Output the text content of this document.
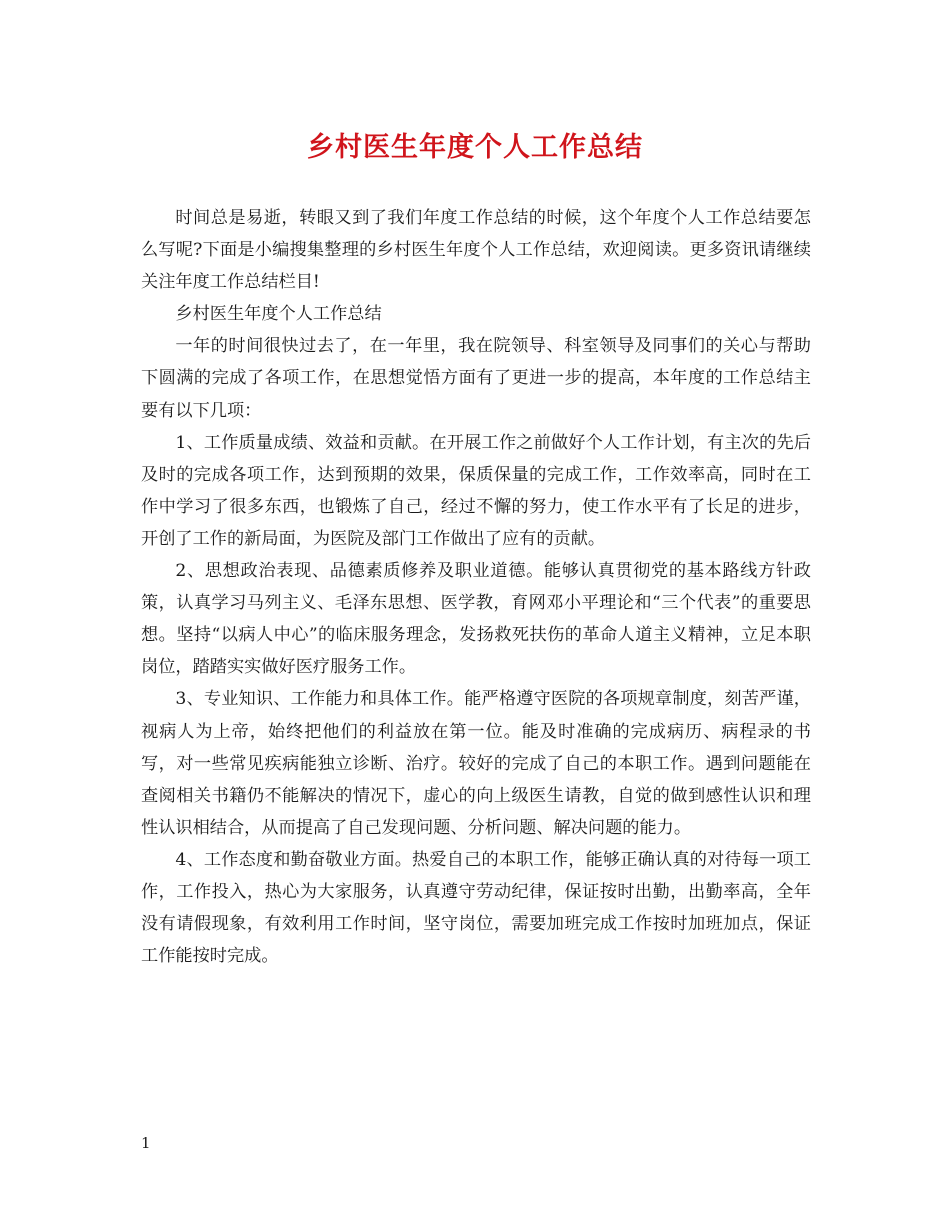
乡村医生年度个人工作总结

时间总是易逝，转眼又到了我们年度工作总结的时候，这个年度个人工作总结要怎么写呢?下面是小编搜集整理的乡村医生年度个人工作总结，欢迎阅读。更多资讯请继续关注年度工作总结栏目!

乡村医生年度个人工作总结

一年的时间很快过去了，在一年里，我在院领导、科室领导及同事们的关心与帮助下圆满的完成了各项工作，在思想觉悟方面有了更进一步的提高，本年度的工作总结主要有以下几项：

1、工作质量成绩、效益和贡献。在开展工作之前做好个人工作计划，有主次的先后及时的完成各项工作，达到预期的效果，保质保量的完成工作，工作效率高，同时在工作中学习了很多东西，也锻炼了自己，经过不懈的努力，使工作水平有了长足的进步，开创了工作的新局面，为医院及部门工作做出了应有的贡献。

2、思想政治表现、品德素质修养及职业道德。能够认真贯彻党的基本路线方针政策，认真学习马列主义、毛泽东思想、医学教，育网邓小平理论和“三个代表”的重要思想。坚持“以病人中心”的临床服务理念，发扬救死扶伤的革命人道主义精神，立足本职岗位，踏踏实实做好医疗服务工作。

3、专业知识、工作能力和具体工作。能严格遵守医院的各项规章制度，刻苦严谨，视病人为上帝，始终把他们的利益放在第一位。能及时准确的完成病历、病程录的书写，对一些常见疾病能独立诊断、治疗。较好的完成了自己的本职工作。遇到问题能在查阅相关书籍仍不能解决的情况下，虚心的向上级医生请教，自觉的做到感性认识和理性认识相结合，从而提高了自己发现问题、分析问题、解决问题的能力。

4、工作态度和勤奋敬业方面。热爱自己的本职工作，能够正确认真的对待每一项工作，工作投入，热心为大家服务，认真遵守劳动纪律，保证按时出勤，出勤率高，全年没有请假现象，有效利用工作时间，坚守岗位，需要加班完成工作按时加班加点，保证工作能按时完成。

1
